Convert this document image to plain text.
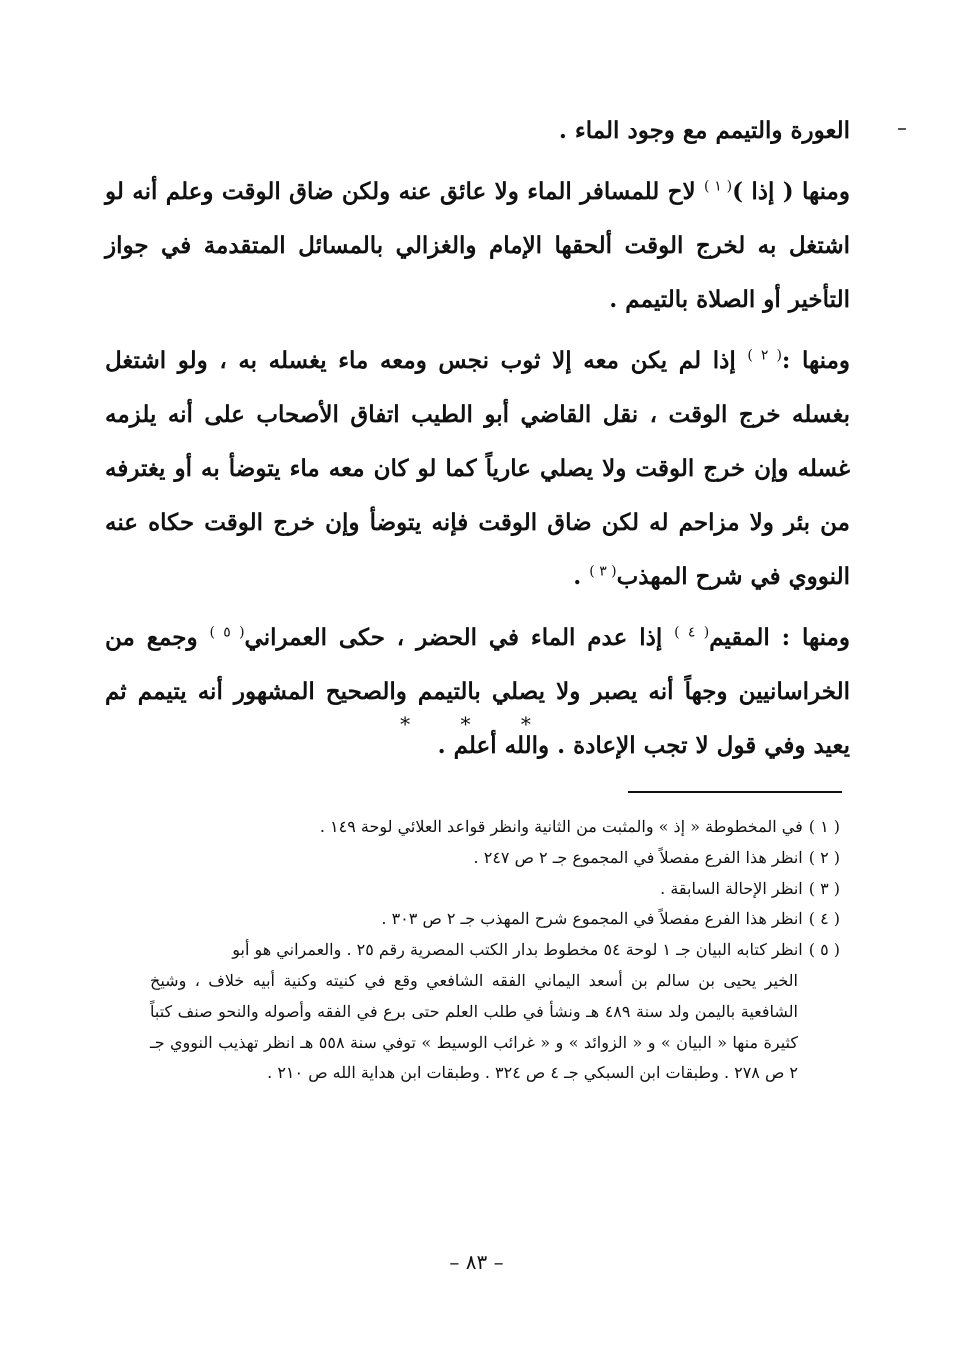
العورة والتيمم مع وجود الماء .

ومنها ( إذا )$^{( ١ )}$ لاح للمسافر الماء ولا عائق عنه ولكن ضاق الوقت وعلم أنه لو اشتغل به لخرج الوقت ألحقها الإمام والغزالي بالمسائل المتقدمة في جواز التأخير أو الصلاة بالتيمم .

ومنها :$^{( ٢ )}$ إذا لم يكن معه إلا ثوب نجس ومعه ماء يغسله به ، ولو اشتغل بغسله خرج الوقت ، نقل القاضي أبو الطيب اتفاق الأصحاب على أنه يلزمه غسله وإن خرج الوقت ولا يصلي عارياً كما لو كان معه ماء يتوضأ به أو يغترفه من بئر ولا مزاحم له لكن ضاق الوقت فإنه يتوضأ وإن خرج الوقت حكاه عنه النووي في شرح المهذب$^{( ٣ )}$ .

ومنها : المقيم$^{( ٤ )}$ إذا عدم الماء في الحضر ، حكى العمراني$^{( ٥ )}$ وجمع من الخراسانيين وجهاً أنه يصبر ولا يصلي بالتيمم والصحيح المشهور أنه يتيمم ثم يعيد وفي قول لا تجب الإعادة . والله أعلم .

* * *

( ١ )في المخطوطة « إذ » والمثبت من الثانية وانظر قواعد العلائي لوحة ١٤٩ .

( ٢ )انظر هذا الفرع مفصلاً في المجموع جـ ٢ ص ٢٤٧ .

( ٣ )انظر الإحالة السابقة .

( ٤ )انظر هذا الفرع مفصلاً في المجموع شرح المهذب جـ ٢ ص ٣٠٣ .

( ٥ )انظر كتابه البيان جـ ١ لوحة ٥٤ مخطوط بدار الكتب المصرية رقم ٢٥ . والعمراني هو أبو

الخير يحيى بن سالم بن أسعد اليماني الفقه الشافعي وقع في كنيته وكنية أبيه خلاف ، وشيخ الشافعية باليمن ولد سنة ٤٨٩ هـ ونشأ في طلب العلم حتى برع في الفقه وأصوله والنحو صنف كتباً كثيرة منها « البيان » و « الزوائد » و « غرائب الوسيط » توفي سنة ٥٥٨ هـ انظر تهذيب النووي جـ ٢ ص ٢٧٨ . وطبقات ابن السبكي جـ ٤ ص ٣٢٤ . وطبقات ابن هداية الله ص ٢١٠ .

– ٨٣ –
